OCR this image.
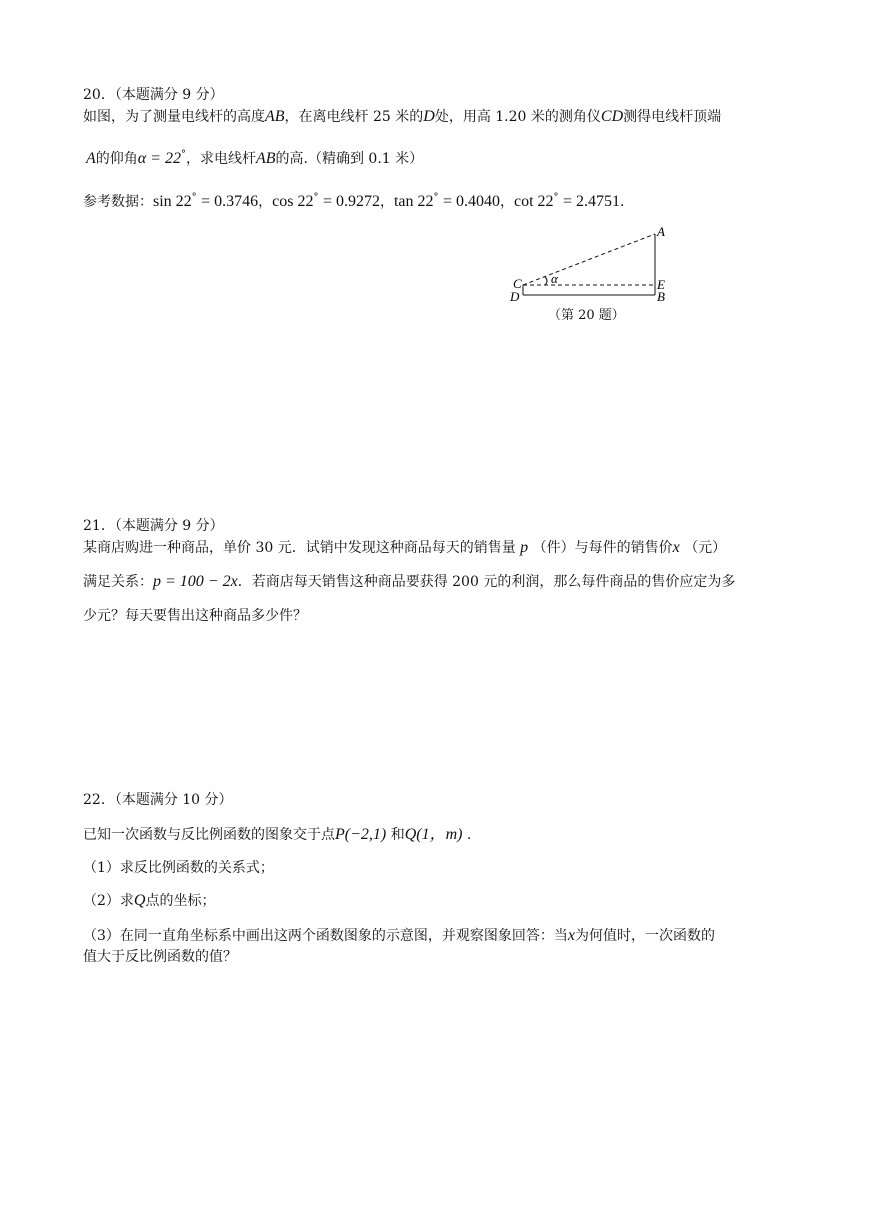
20．（本题满分 9 分）
如图，为了测量电线杆的高度AB，在离电线杆 25 米的D处，用高 1.20 米的测角仪CD测得电线杆顶端
A的仰角α = 22°，求电线杆AB的高.（精确到 0.1 米）
参考数据：sin 22° = 0.3746，cos 22° = 0.9272，tan 22° = 0.4040，cot 22° = 2.4751.
A
B
C
D
E
α
（第 20 题）
21．（本题满分 9 分）
某商店购进一种商品，单价 30 元．试销中发现这种商品每天的销售量 p （件）与每件的销售价x （元）
满足关系：p = 100 − 2x．若商店每天销售这种商品要获得 200 元的利润，那么每件商品的售价应定为多
少元？每天要售出这种商品多少件？
22．（本题满分 10 分）
已知一次函数与反比例函数的图象交于点P(−2,1) 和Q(1，m) .
（1）求反比例函数的关系式；
（2）求Q点的坐标；
（3）在同一直角坐标系中画出这两个函数图象的示意图，并观察图象回答：当x为何值时，一次函数的
值大于反比例函数的值？
